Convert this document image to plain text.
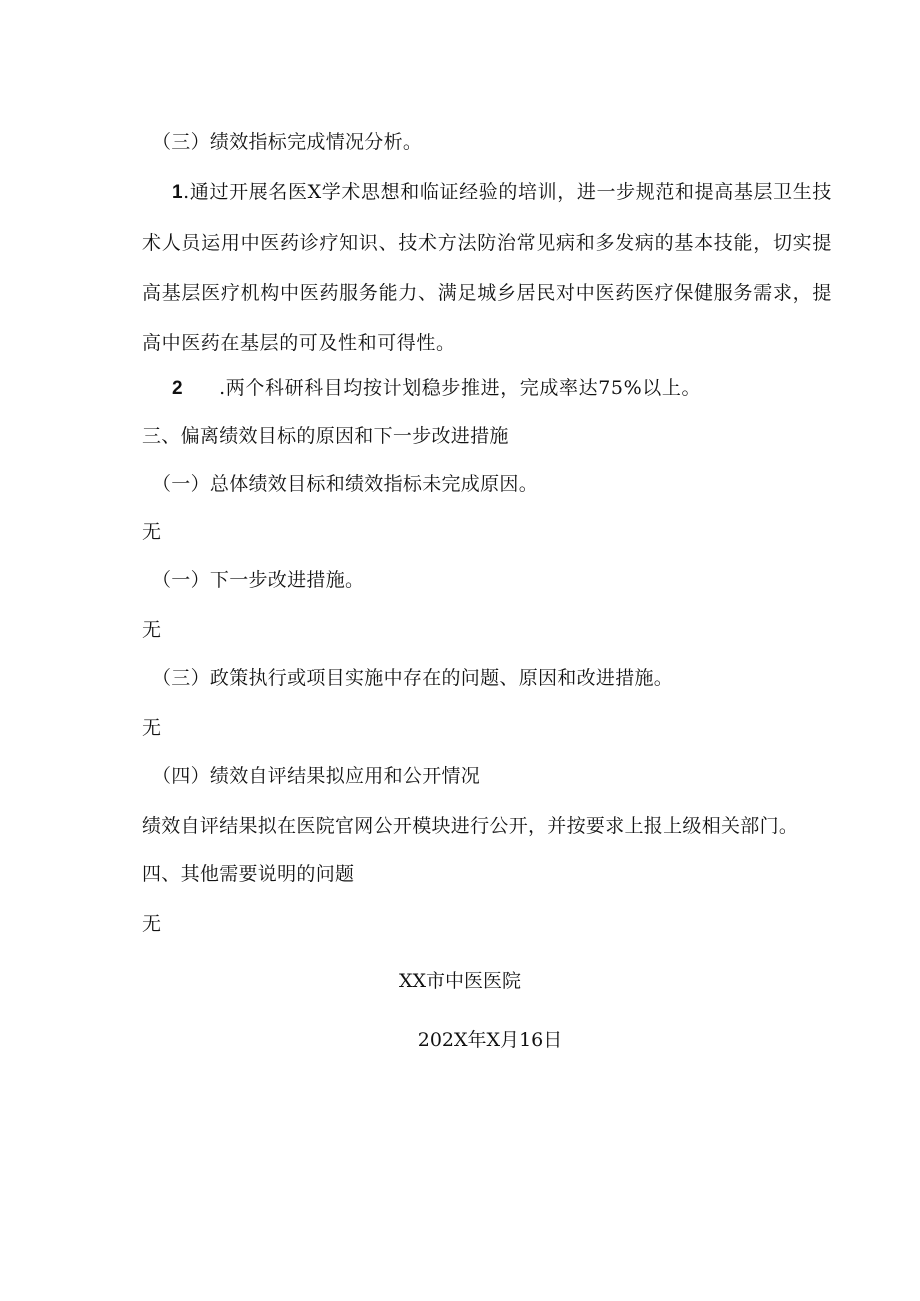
（三）绩效指标完成情况分析。
1.通过开展名医X学术思想和临证经验的培训，进一步规范和提高基层卫生技术人员运用中医药诊疗知识、技术方法防治常见病和多发病的基本技能，切实提高基层医疗机构中医药服务能力、满足城乡居民对中医药医疗保健服务需求，提高中医药在基层的可及性和可得性。
2 .两个科研科目均按计划稳步推进，完成率达75%以上。
三、偏离绩效目标的原因和下一步改进措施
（一）总体绩效目标和绩效指标未完成原因。
无
（一）下一步改进措施。
无
（三）政策执行或项目实施中存在的问题、原因和改进措施。
无
（四）绩效自评结果拟应用和公开情况
绩效自评结果拟在医院官网公开模块进行公开，并按要求上报上级相关部门。
四、其他需要说明的问题
无
XX市中医医院
202X年X月16日
